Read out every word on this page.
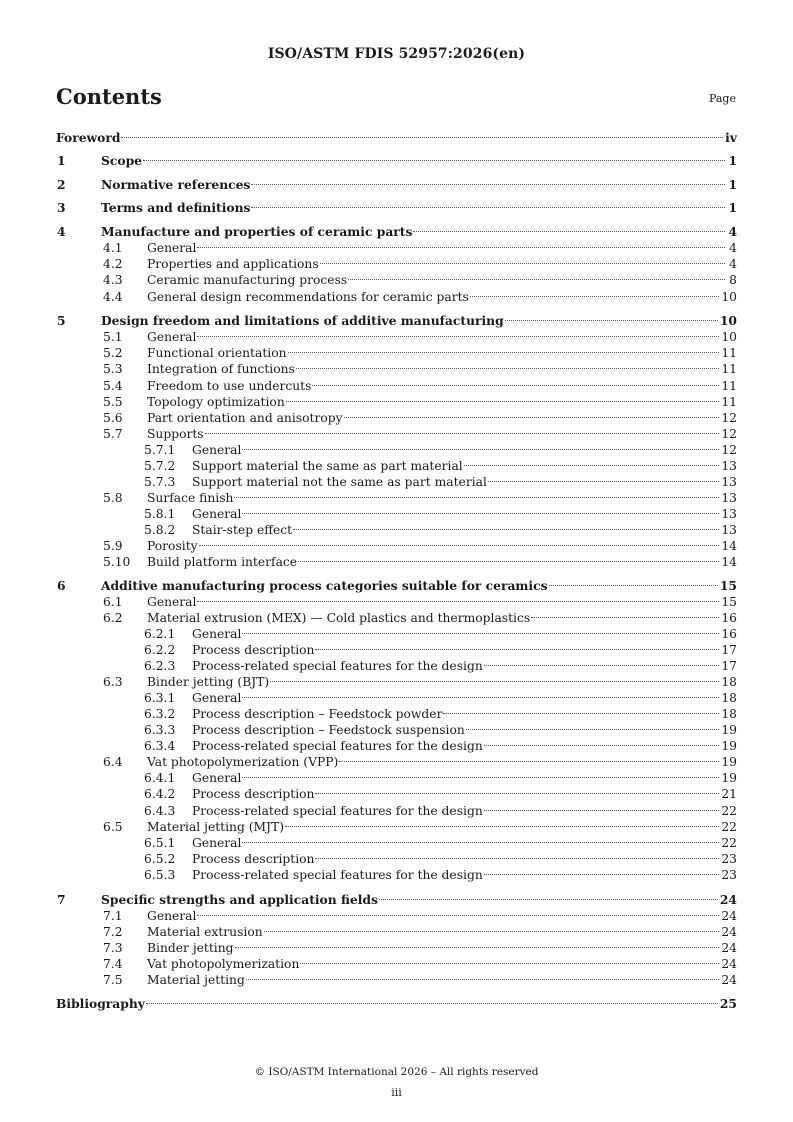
ISO/ASTM FDIS 52957:2026(en)
Contents	Page
Foreword	iv
1	Scope	1
2	Normative references	1
3	Terms and definitions	1
4	Manufacture and properties of ceramic parts	4
4.1 General	4
4.2 Properties and applications	4
4.3 Ceramic manufacturing process	8
4.4 General design recommendations for ceramic parts	10
5	Design freedom and limitations of additive manufacturing	10
5.1 General	10
5.2 Functional orientation	11
5.3 Integration of functions	11
5.4 Freedom to use undercuts	11
5.5 Topology optimization	11
5.6 Part orientation and anisotropy	12
5.7 Supports	12
5.7.1 General	12
5.7.2 Support material the same as part material	13
5.7.3 Support material not the same as part material	13
5.8 Surface finish	13
5.8.1 General	13
5.8.2 Stair-step effect	13
5.9 Porosity	14
5.10 Build platform interface	14
6	Additive manufacturing process categories suitable for ceramics	15
6.1 General	15
6.2 Material extrusion (MEX) — Cold plastics and thermoplastics	16
6.2.1 General	16
6.2.2 Process description	17
6.2.3 Process-related special features for the design	17
6.3 Binder jetting (BJT)	18
6.3.1 General	18
6.3.2 Process description – Feedstock powder	18
6.3.3 Process description – Feedstock suspension	19
6.3.4 Process-related special features for the design	19
6.4 Vat photopolymerization (VPP)	19
6.4.1 General	19
6.4.2 Process description	21
6.4.3 Process-related special features for the design	22
6.5 Material jetting (MJT)	22
6.5.1 General	22
6.5.2 Process description	23
6.5.3 Process-related special features for the design	23
7	Specific strengths and application fields	24
7.1 General	24
7.2 Material extrusion	24
7.3 Binder jetting	24
7.4 Vat photopolymerization	24
7.5 Material jetting	24
Bibliography	25
© ISO/ASTM International 2026 – All rights reserved
iii
